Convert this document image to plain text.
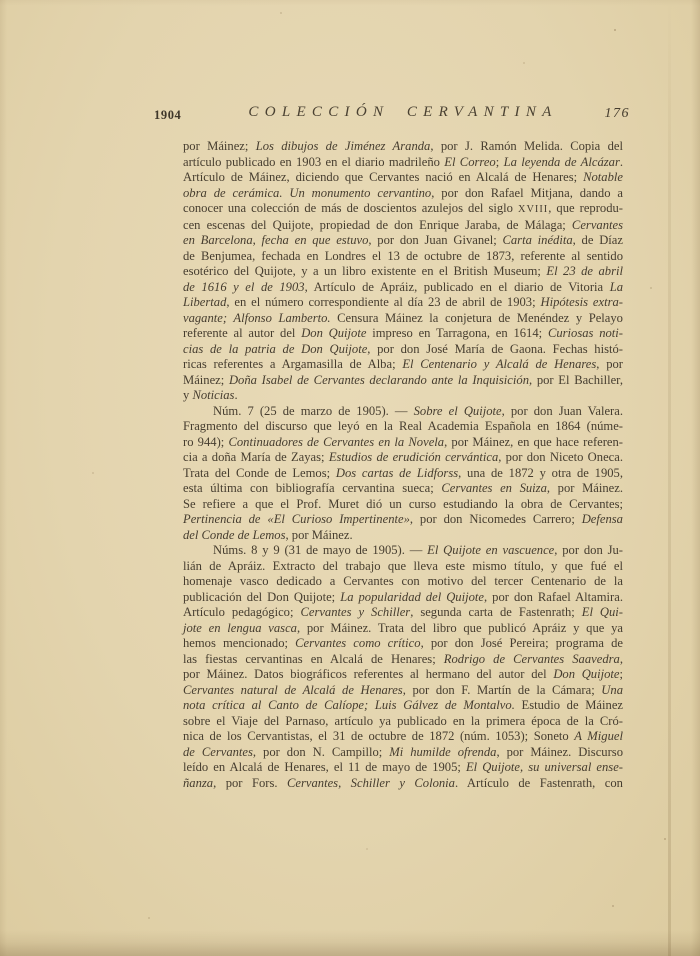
1904	COLECCIÓN CERVANTINA	176
por Máinez; Los dibujos de Jiménez Aranda, por J. Ramón Melida. Copia del
artículo publicado en 1903 en el diario madrileño El Correo; La leyenda de Alcázar.
Artículo de Máinez, diciendo que Cervantes nació en Alcalá de Henares; Notable
obra de cerámica. Un monumento cervantino, por don Rafael Mitjana, dando a
conocer una colección de más de doscientos azulejos del siglo XVIII, que reprodu-
cen escenas del Quijote, propiedad de don Enrique Jaraba, de Málaga; Cervantes
en Barcelona, fecha en que estuvo, por don Juan Givanel; Carta inédita, de Díaz
de Benjumea, fechada en Londres el 13 de octubre de 1873, referente al sentido
esotérico del Quijote, y a un libro existente en el British Museum; El 23 de abril
de 1616 y el de 1903, Artículo de Apráiz, publicado en el diario de Vitoria La
Libertad, en el número correspondiente al día 23 de abril de 1903; Hipótesis extra-
vagante; Alfonso Lamberto. Censura Máinez la conjetura de Menéndez y Pelayo
referente al autor del Don Quijote impreso en Tarragona, en 1614; Curiosas noti-
cias de la patria de Don Quijote, por don José María de Gaona. Fechas histó-
ricas referentes a Argamasilla de Alba; El Centenario y Alcalá de Henares, por
Máinez; Doña Isabel de Cervantes declarando ante la Inquisición, por El Bachiller,
y Noticias.
Núm. 7 (25 de marzo de 1905). — Sobre el Quijote, por don Juan Valera.
Fragmento del discurso que leyó en la Real Academia Española en 1864 (núme-
ro 944); Continuadores de Cervantes en la Novela, por Máinez, en que hace referen-
cia a doña María de Zayas; Estudios de erudición cervántica, por don Niceto Oneca.
Trata del Conde de Lemos; Dos cartas de Lidforss, una de 1872 y otra de 1905,
esta última con bibliografía cervantina sueca; Cervantes en Suiza, por Máinez.
Se refiere a que el Prof. Muret dió un curso estudiando la obra de Cervantes;
Pertinencia de «El Curioso Impertinente», por don Nicomedes Carrero; Defensa
del Conde de Lemos, por Máinez.
Núms. 8 y 9 (31 de mayo de 1905). — El Quijote en vascuence, por don Ju-
lián de Apráiz. Extracto del trabajo que lleva este mismo título, y que fué el
homenaje vasco dedicado a Cervantes con motivo del tercer Centenario de la
publicación del Don Quijote; La popularidad del Quijote, por don Rafael Altamira.
Artículo pedagógico; Cervantes y Schiller, segunda carta de Fastenrath; El Qui-
jote en lengua vasca, por Máinez. Trata del libro que publicó Apráiz y que ya
hemos mencionado; Cervantes como crítico, por don José Pereira; programa de
las fiestas cervantinas en Alcalá de Henares; Rodrigo de Cervantes Saavedra,
por Máinez. Datos biográficos referentes al hermano del autor del Don Quijote;
Cervantes natural de Alcalá de Henares, por don F. Martín de la Cámara; Una
nota crítica al Canto de Calíope; Luis Gálvez de Montalvo. Estudio de Máinez
sobre el Viaje del Parnaso, artículo ya publicado en la primera época de la Cró-
nica de los Cervantistas, el 31 de octubre de 1872 (núm. 1053); Soneto A Miguel
de Cervantes, por don N. Campillo; Mi humilde ofrenda, por Máinez. Discurso
leído en Alcalá de Henares, el 11 de mayo de 1905; El Quijote, su universal ense-
ñanza, por Fors. Cervantes, Schiller y Colonia. Artículo de Fastenrath, con
